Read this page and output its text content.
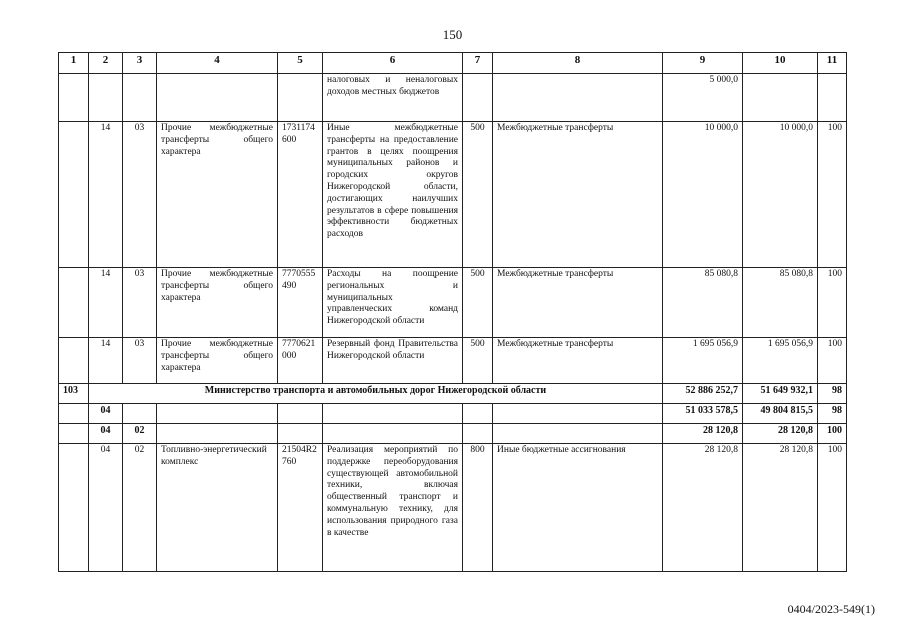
150
1	2	3	4	5	6	7	8	9	10	11
					налоговых и неналоговых доходов местных бюджетов			5 000,0		
	14	03	Прочие межбюджетные трансферты общего характера	1731174600	Иные межбюджетные трансферты на предоставление грантов в целях поощрения муниципальных районов и городских округов Нижегородской области, достигающих наилучших результатов в сфере повышения эффективности бюджетных расходов	500	Межбюджетные трансферты	10 000,0	10 000,0	100
	14	03	Прочие межбюджетные трансферты общего характера	7770555490	Расходы на поощрение региональных и муниципальных управленческих команд Нижегородской области	500	Межбюджетные трансферты	85 080,8	85 080,8	100
	14	03	Прочие межбюджетные трансферты общего характера	7770621000	Резервный фонд Правительства Нижегородской области	500	Межбюджетные трансферты	1 695 056,9	1 695 056,9	100
103	Министерство транспорта и автомобильных дорог Нижегородской области							52 886 252,7	51 649 932,1	98
	04							51 033 578,5	49 804 815,5	98
	04	02						28 120,8	28 120,8	100
	04	02	Топливно-энергетический комплекс	21504R2760	Реализация мероприятий по поддержке переоборудования существующей автомобильной техники, включая общественный транспорт и коммунальную технику, для использования природного газа в качестве	800	Иные бюджетные ассигнования	28 120,8	28 120,8	100
0404/2023-549(1)
